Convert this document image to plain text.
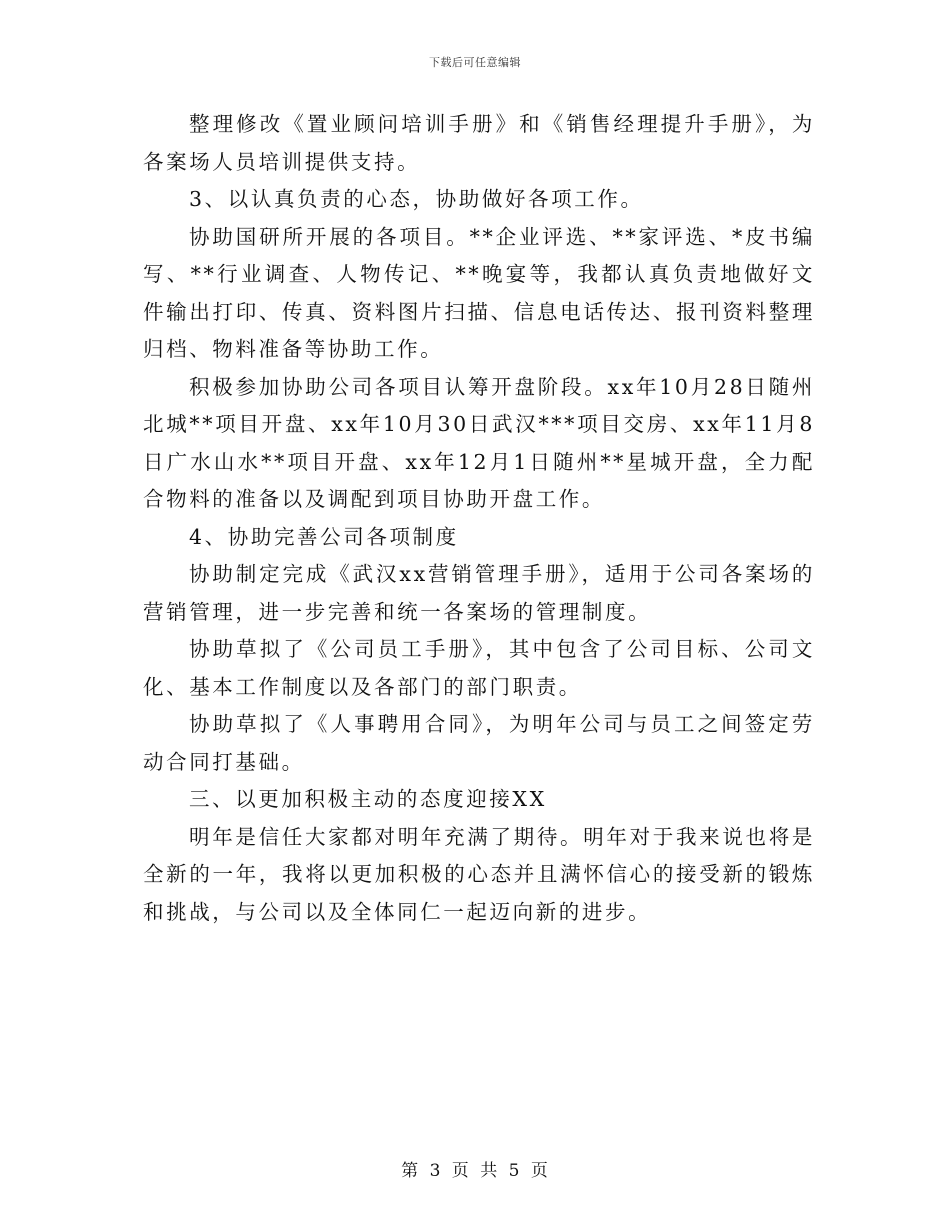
下载后可任意编辑

整理修改《置业顾问培训手册》和《销售经理提升手册》，为各案场人员培训提供支持。

3、以认真负责的心态，协助做好各项工作。

协助国研所开展的各项目。**企业评选、**家评选、*皮书编写、**行业调查、人物传记、**晚宴等，我都认真负责地做好文件输出打印、传真、资料图片扫描、信息电话传达、报刊资料整理归档、物料准备等协助工作。

积极参加协助公司各项目认筹开盘阶段。xx年10月28日随州北城**项目开盘、xx年10月30日武汉***项目交房、xx年11月8日广水山水**项目开盘、xx年12月1日随州**星城开盘，全力配合物料的准备以及调配到项目协助开盘工作。

4、协助完善公司各项制度

协助制定完成《武汉xx营销管理手册》，适用于公司各案场的营销管理，进一步完善和统一各案场的管理制度。

协助草拟了《公司员工手册》，其中包含了公司目标、公司文化、基本工作制度以及各部门的部门职责。

协助草拟了《人事聘用合同》，为明年公司与员工之间签定劳动合同打基础。

三、以更加积极主动的态度迎接XX

明年是信任大家都对明年充满了期待。明年对于我来说也将是全新的一年，我将以更加积极的心态并且满怀信心的接受新的锻炼和挑战，与公司以及全体同仁一起迈向新的进步。

第 3 页 共 5 页
